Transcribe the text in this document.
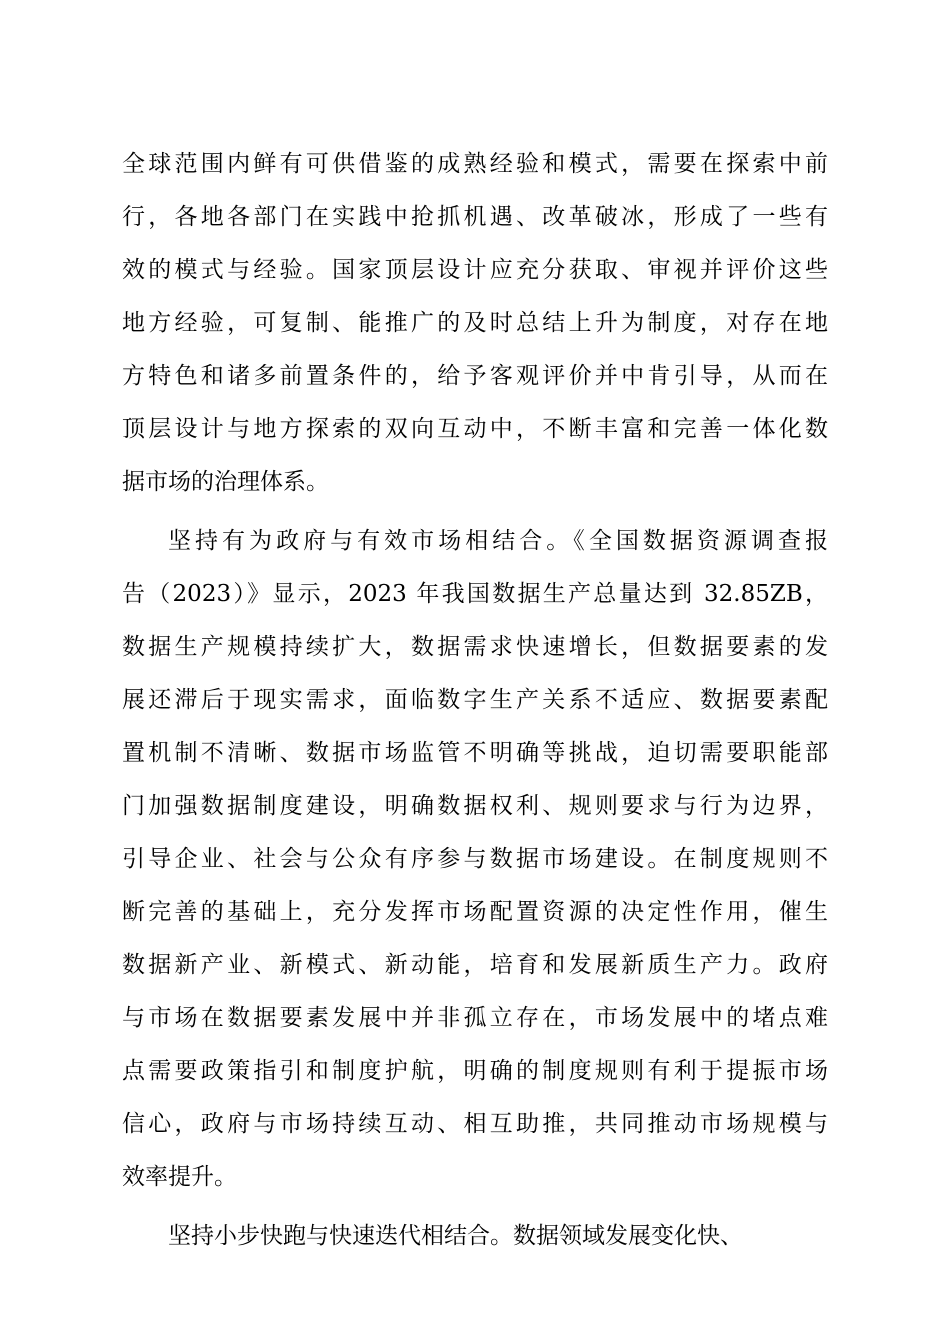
全球范围内鲜有可供借鉴的成熟经验和模式，需要在探索中前
行，各地各部门在实践中抢抓机遇、改革破冰，形成了一些有
效的模式与经验。国家顶层设计应充分获取、审视并评价这些
地方经验，可复制、能推广的及时总结上升为制度，对存在地
方特色和诸多前置条件的，给予客观评价并中肯引导，从而在
顶层设计与地方探索的双向互动中，不断丰富和完善一体化数
据市场的治理体系。
坚持有为政府与有效市场相结合。《全国数据资源调查报
告（2023）》显示，2023 年我国数据生产总量达到 32.85ZB，
数据生产规模持续扩大，数据需求快速增长，但数据要素的发
展还滞后于现实需求，面临数字生产关系不适应、数据要素配
置机制不清晰、数据市场监管不明确等挑战，迫切需要职能部
门加强数据制度建设，明确数据权利、规则要求与行为边界，
引导企业、社会与公众有序参与数据市场建设。在制度规则不
断完善的基础上，充分发挥市场配置资源的决定性作用，催生
数据新产业、新模式、新动能，培育和发展新质生产力。政府
与市场在数据要素发展中并非孤立存在，市场发展中的堵点难
点需要政策指引和制度护航，明确的制度规则有利于提振市场
信心，政府与市场持续互动、相互助推，共同推动市场规模与
效率提升。
坚持小步快跑与快速迭代相结合。数据领域发展变化快、
